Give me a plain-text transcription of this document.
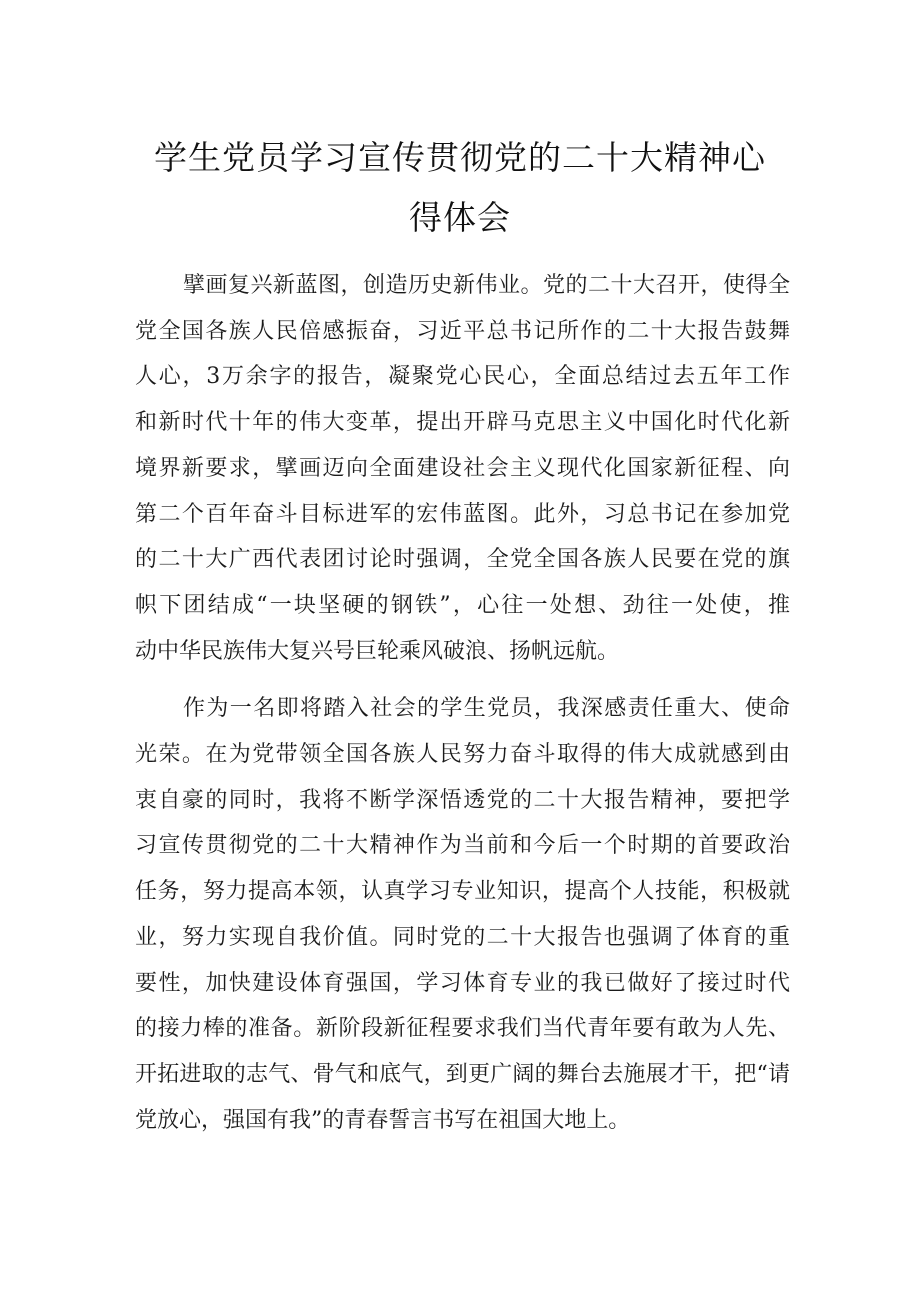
学生党员学习宣传贯彻党的二十大精神心
得体会
擘画复兴新蓝图，创造历史新伟业。党的二十大召开，使得全
党全国各族人民倍感振奋，习近平总书记所作的二十大报告鼓舞
人心，3万余字的报告，凝聚党心民心，全面总结过去五年工作
和新时代十年的伟大变革，提出开辟马克思主义中国化时代化新
境界新要求，擘画迈向全面建设社会主义现代化国家新征程、向
第二个百年奋斗目标进军的宏伟蓝图。此外，习总书记在参加党
的二十大广西代表团讨论时强调，全党全国各族人民要在党的旗
帜下团结成“一块坚硬的钢铁”，心往一处想、劲往一处使，推
动中华民族伟大复兴号巨轮乘风破浪、扬帆远航。
作为一名即将踏入社会的学生党员，我深感责任重大、使命
光荣。在为党带领全国各族人民努力奋斗取得的伟大成就感到由
衷自豪的同时，我将不断学深悟透党的二十大报告精神，要把学
习宣传贯彻党的二十大精神作为当前和今后一个时期的首要政治
任务，努力提高本领，认真学习专业知识，提高个人技能，积极就
业，努力实现自我价值。同时党的二十大报告也强调了体育的重
要性，加快建设体育强国，学习体育专业的我已做好了接过时代
的接力棒的准备。新阶段新征程要求我们当代青年要有敢为人先、
开拓进取的志气、骨气和底气，到更广阔的舞台去施展才干，把“请
党放心，强国有我”的青春誓言书写在祖国大地上。
